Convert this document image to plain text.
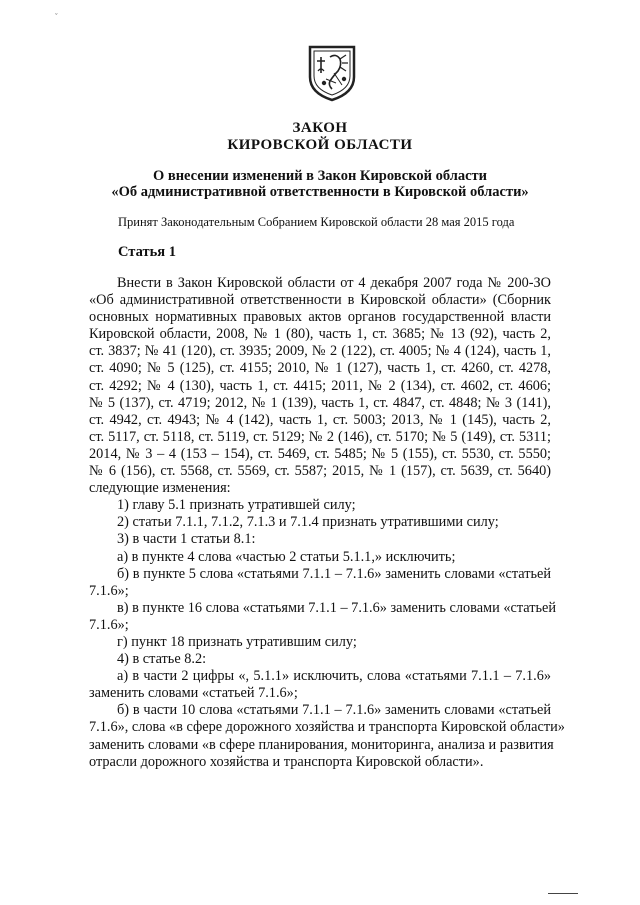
ˇ
ЗАКОН
КИРОВСКОЙ ОБЛАСТИ
О внесении изменений в Закон Кировской области
«Об административной ответственности в Кировской области»
Принят Законодательным Собранием Кировской области 28 мая 2015 года
Статья 1
Внести в Закон Кировской области от 4 декабря 2007 года № 200-ЗО
«Об административной ответственности в Кировской области» (Сборник
основных нормативных правовых актов органов государственной власти
Кировской области, 2008, № 1 (80), часть 1, ст. 3685; № 13 (92), часть 2,
ст. 3837; № 41 (120), ст. 3935; 2009, № 2 (122), ст. 4005; № 4 (124), часть 1,
ст. 4090; № 5 (125), ст. 4155; 2010, № 1 (127), часть 1, ст. 4260, ст. 4278,
ст. 4292; № 4 (130), часть 1, ст. 4415; 2011, № 2 (134), ст. 4602, ст. 4606;
№ 5 (137), ст. 4719; 2012, № 1 (139), часть 1, ст. 4847, ст. 4848; № 3 (141),
ст. 4942, ст. 4943; № 4 (142), часть 1, ст. 5003; 2013, № 1 (145), часть 2,
ст. 5117, ст. 5118, ст. 5119, ст. 5129; № 2 (146), ст. 5170; № 5 (149), ст. 5311;
2014, № 3 – 4 (153 – 154), ст. 5469, ст. 5485; № 5 (155), ст. 5530, ст. 5550;
№ 6 (156), ст. 5568, ст. 5569, ст. 5587; 2015, № 1 (157), ст. 5639, ст. 5640)
следующие изменения:
1) главу 5.1 признать утратившей силу;
2) статьи 7.1.1, 7.1.2, 7.1.3 и 7.1.4 признать утратившими силу;
3) в части 1 статьи 8.1:
а) в пункте 4 слова «частью 2 статьи 5.1.1,» исключить;
б) в пункте 5 слова «статьями 7.1.1 – 7.1.6» заменить словами «статьей
7.1.6»;
в) в пункте 16 слова «статьями 7.1.1 – 7.1.6» заменить словами «статьей
7.1.6»;
г) пункт 18 признать утратившим силу;
4) в статье 8.2:
а) в части 2 цифры «, 5.1.1» исключить, слова «статьями 7.1.1 – 7.1.6»
заменить словами «статьей 7.1.6»;
б) в части 10 слова «статьями 7.1.1 – 7.1.6» заменить словами «статьей
7.1.6», слова «в сфере дорожного хозяйства и транспорта Кировской области»
заменить словами «в сфере планирования, мониторинга, анализа и развития
отрасли дорожного хозяйства и транспорта Кировской области».
